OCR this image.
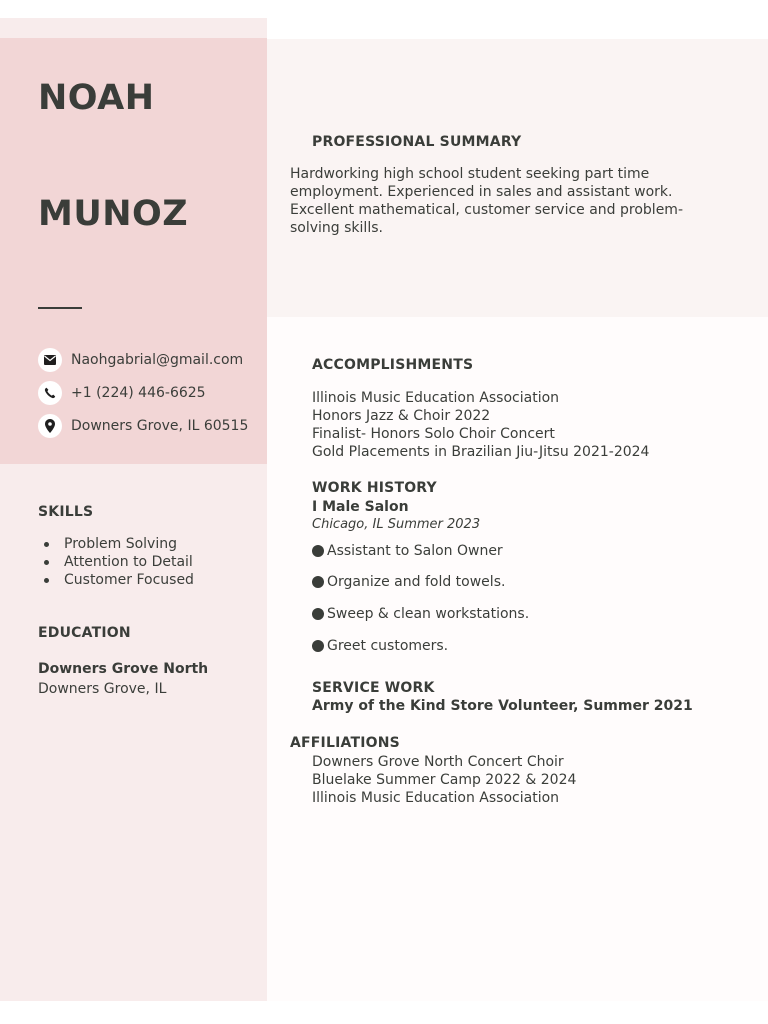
NOAH
MUNOZ
Naohgabrial@gmail.com
+1 (224) 446-6625
Downers Grove, IL 60515
SKILLS
Problem Solving
Attention to Detail
Customer Focused
EDUCATION
Downers Grove North
Downers Grove, IL
PROFESSIONAL SUMMARY
Hardworking high school student seeking part time employment. Experienced in sales and assistant work. Excellent mathematical, customer service and problem-solving skills.
ACCOMPLISHMENTS
Illinois Music Education Association
Honors Jazz & Choir 2022
Finalist- Honors Solo Choir Concert
Gold Placements in Brazilian Jiu-Jitsu 2021-2024
WORK HISTORY
I Male Salon
Chicago, IL Summer 2023
Assistant to Salon Owner
Organize and fold towels.
Sweep & clean workstations.
Greet customers.
SERVICE WORK
Army of the Kind Store Volunteer, Summer 2021
AFFILIATIONS
Downers Grove North Concert Choir
Bluelake Summer Camp 2022 & 2024
Illinois Music Education Association
